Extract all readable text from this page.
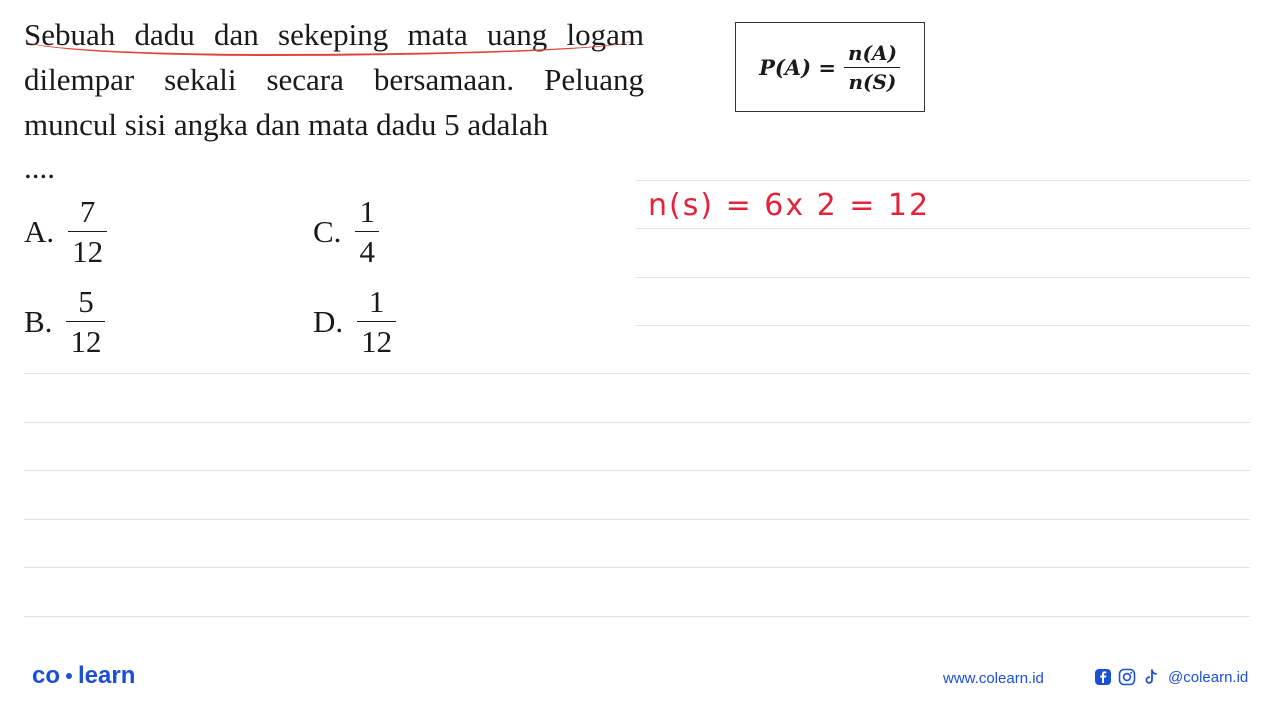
Sebuah dadu dan sekeping mata uang logam dilempar sekali secara bersamaan. Peluang muncul sisi angka dan mata dadu 5 adalah

....
A. $\frac{7}{12}$	C. $\frac{1}{4}$
B. $\frac{5}{12}$	D. $\frac{1}{12}$
$P(A) = \frac{n(A)}{n(S)}$
n(s) = 6x 2 = 12
co learn	www.colearn.id	@colearn.id
